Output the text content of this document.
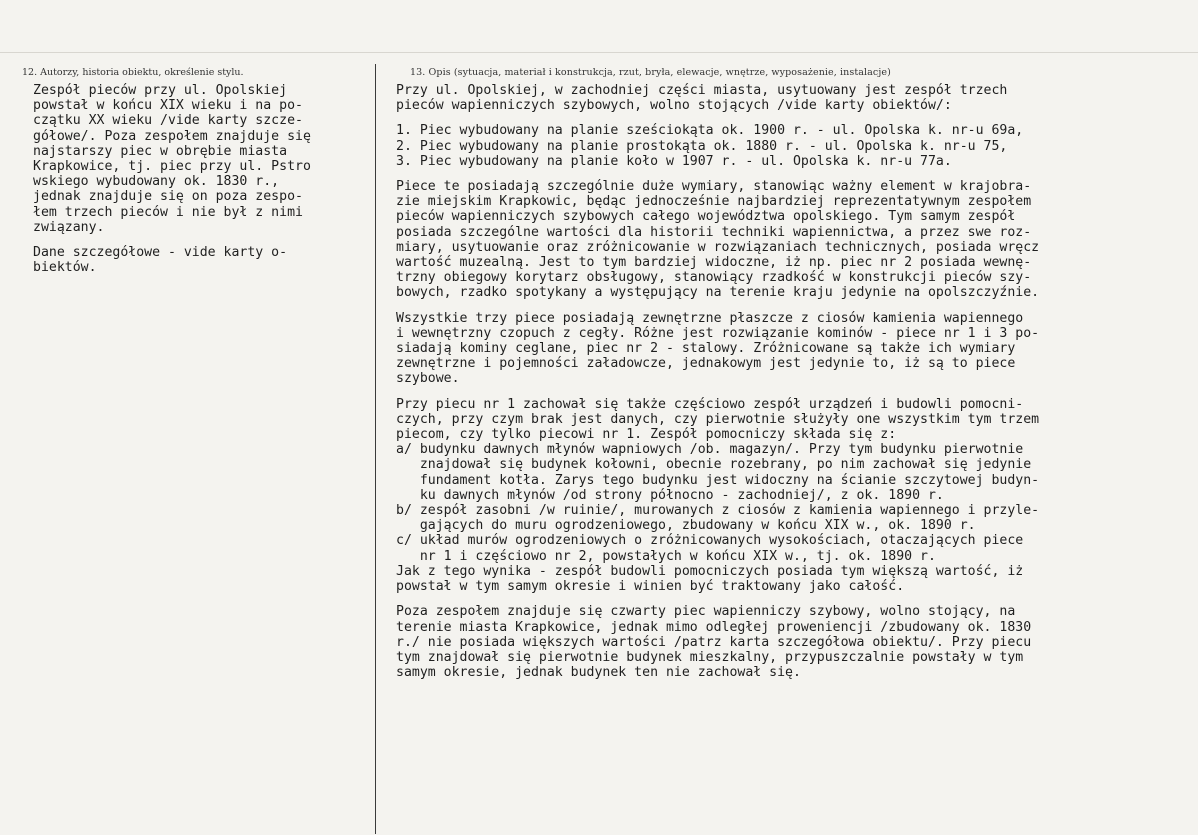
12. Autorzy, historia obiektu, określenie stylu.	13. Opis (sytuacja, materiał i konstrukcja, rzut, bryła, elewacje, wnętrze, wyposażenie, instalacje)
Zespół pieców przy ul. Opolskiej
powstał w końcu XIX wieku i na po-
czątku XX wieku /vide karty szcze-
gółowe/. Poza zespołem znajduje się
najstarszy piec w obrębie miasta
Krapkowice, tj. piec przy ul. Pstro
wskiego wybudowany ok. 1830 r.,
jednak znajduje się on poza zespo-
łem trzech pieców i nie był z nimi
związany.
Dane szczegółowe - vide karty o-
biektów.
Przy ul. Opolskiej, w zachodniej części miasta, usytuowany jest zespół trzech
pieców wapienniczych szybowych, wolno stojących /vide karty obiektów/:
1. Piec wybudowany na planie sześciokąta ok. 1900 r. - ul. Opolska k. nr-u 69a,
2. Piec wybudowany na planie prostokąta ok. 1880 r. - ul. Opolska k. nr-u 75,
3. Piec wybudowany na planie koło w 1907 r. - ul. Opolska k. nr-u 77a.
Piece te posiadają szczególnie duże wymiary, stanowiąc ważny element w krajobra-
zie miejskim Krapkowic, będąc jednocześnie najbardziej reprezentatywnym zespołem
pieców wapienniczych szybowych całego województwa opolskiego. Tym samym zespół
posiada szczególne wartości dla historii techniki wapiennictwa, a przez swe roz-
miary, usytuowanie oraz zróżnicowanie w rozwiązaniach technicznych, posiada wręcz
wartość muzealną. Jest to tym bardziej widoczne, iż np. piec nr 2 posiada wewnę-
trzny obiegowy korytarz obsługowy, stanowiący rzadkość w konstrukcji pieców szy-
bowych, rzadko spotykany a występujący na terenie kraju jedynie na opolszczyźnie.
Wszystkie trzy piece posiadają zewnętrzne płaszcze z ciosów kamienia wapiennego
i wewnętrzny czopuch z cegły. Różne jest rozwiązanie kominów - piece nr 1 i 3 po-
siadają kominy ceglane, piec nr 2 - stalowy. Zróżnicowane są także ich wymiary
zewnętrzne i pojemności załadowcze, jednakowym jest jedynie to, iż są to piece
szybowe.
Przy piecu nr 1 zachował się także częściowo zespół urządzeń i budowli pomocni-
czych, przy czym brak jest danych, czy pierwotnie służyły one wszystkim tym trzem
piecom, czy tylko piecowi nr 1. Zespół pomocniczy składa się z:
a/ budynku dawnych młynów wapniowych /ob. magazyn/. Przy tym budynku pierwotnie
znajdował się budynek kołowni, obecnie rozebrany, po nim zachował się jedynie
fundament kotła. Zarys tego budynku jest widoczny na ścianie szczytowej budyn-
ku dawnych młynów /od strony północno - zachodniej/, z ok. 1890 r.
b/ zespół zasobni /w ruinie/, murowanych z ciosów z kamienia wapiennego i przyle-
gających do muru ogrodzeniowego, zbudowany w końcu XIX w., ok. 1890 r.
c/ układ murów ogrodzeniowych o zróżnicowanych wysokościach, otaczających piece
nr 1 i częściowo nr 2, powstałych w końcu XIX w., tj. ok. 1890 r.
Jak z tego wynika - zespół budowli pomocniczych posiada tym większą wartość, iż
powstał w tym samym okresie i winien być traktowany jako całość.
Poza zespołem znajduje się czwarty piec wapienniczy szybowy, wolno stojący, na
terenie miasta Krapkowice, jednak mimo odległej proweniencji /zbudowany ok. 1830
r./ nie posiada większych wartości /patrz karta szczegółowa obiektu/. Przy piecu
tym znajdował się pierwotnie budynek mieszkalny, przypuszczalnie powstały w tym
samym okresie, jednak budynek ten nie zachował się.
